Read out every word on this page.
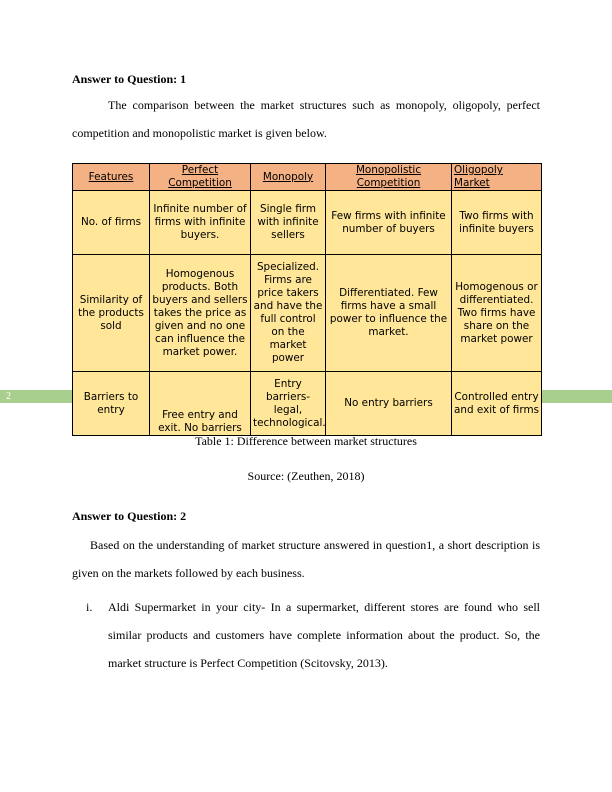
2
Answer to Question: 1
The comparison between the market structures such as monopoly, oligopoly, perfect competition and monopolistic market is given below.
Features	Perfect Competition	Monopoly	Monopolistic Competition	Oligopoly Market
No. of firms	Infinite number of firms with infinite buyers.	Single firm with infinite sellers	Few firms with infinite number of buyers	Two firms with infinite buyers
Similarity of the products sold	Homogenous products. Both buyers and sellers takes the price as given and no one can influence the market power.	Specialized. Firms are price takers and have the full control on the market power	Differentiated. Few firms have a small power to influence the market.	Homogenous or differentiated. Two firms have share on the market power
Barriers to entry	Free entry and exit. No barriers	Entry barriers-legal, technological.	No entry barriers	Controlled entry and exit of firms
Table 1: Difference between market structures
Source: (Zeuthen, 2018)
Answer to Question: 2
Based on the understanding of market structure answered in question1, a short description is given on the markets followed by each business.
i. Aldi Supermarket in your city- In a supermarket, different stores are found who sell similar products and customers have complete information about the product. So, the market structure is Perfect Competition (Scitovsky, 2013).
